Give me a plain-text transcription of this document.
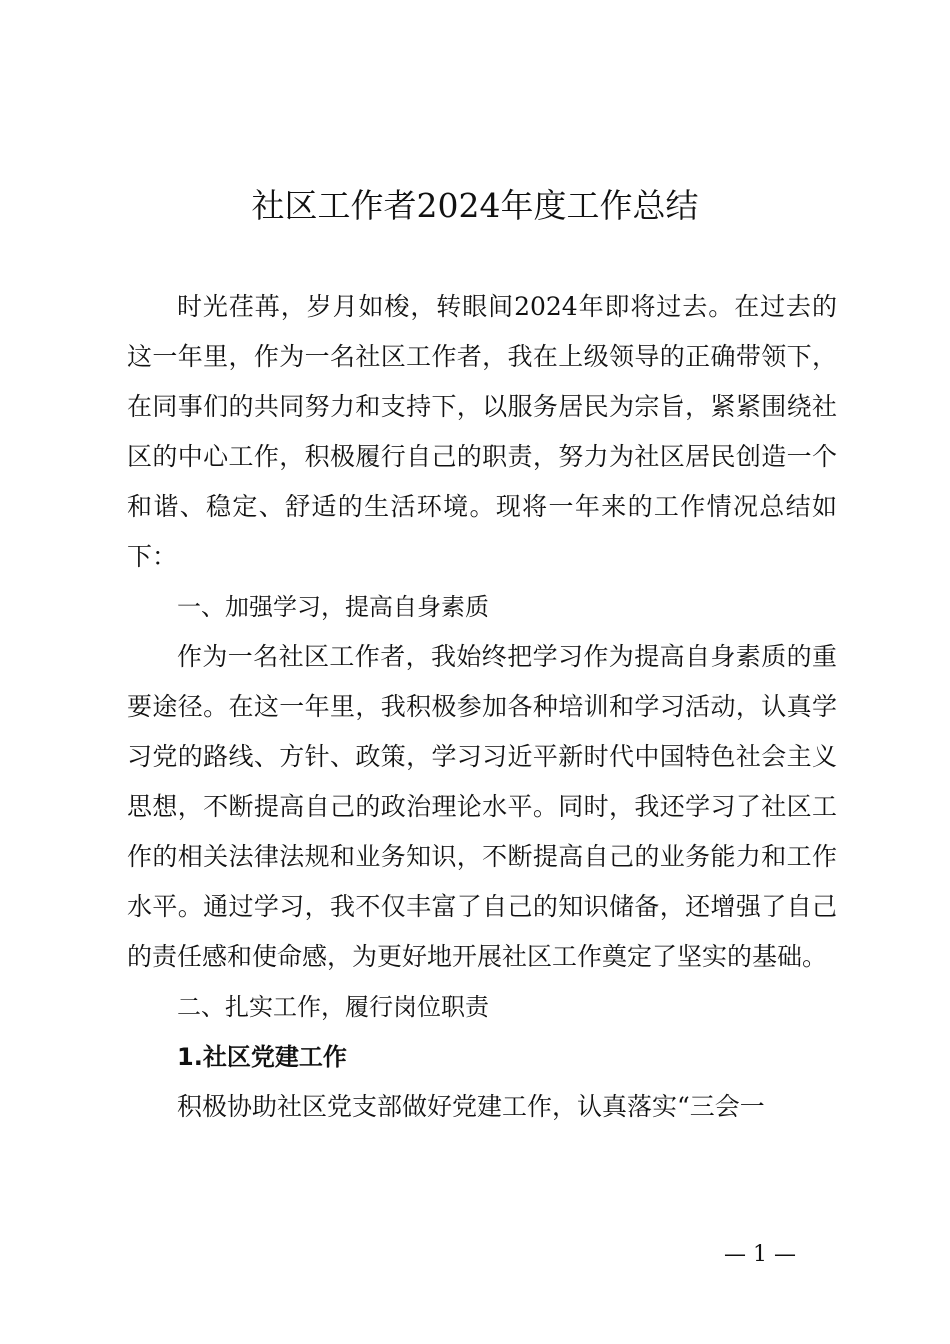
社区工作者2024年度工作总结

时光荏苒，岁月如梭，转眼间2024年即将过去。在过去的这一年里，作为一名社区工作者，我在上级领导的正确带领下，在同事们的共同努力和支持下，以服务居民为宗旨，紧紧围绕社区的中心工作，积极履行自己的职责，努力为社区居民创造一个和谐、稳定、舒适的生活环境。现将一年来的工作情况总结如下：

一、加强学习，提高自身素质

作为一名社区工作者，我始终把学习作为提高自身素质的重要途径。在这一年里，我积极参加各种培训和学习活动，认真学习党的路线、方针、政策，学习习近平新时代中国特色社会主义思想，不断提高自己的政治理论水平。同时，我还学习了社区工作的相关法律法规和业务知识，不断提高自己的业务能力和工作水平。通过学习，我不仅丰富了自己的知识储备，还增强了自己的责任感和使命感，为更好地开展社区工作奠定了坚实的基础。

二、扎实工作，履行岗位职责

1.社区党建工作

积极协助社区党支部做好党建工作，认真落实“三会一

— 1 —
